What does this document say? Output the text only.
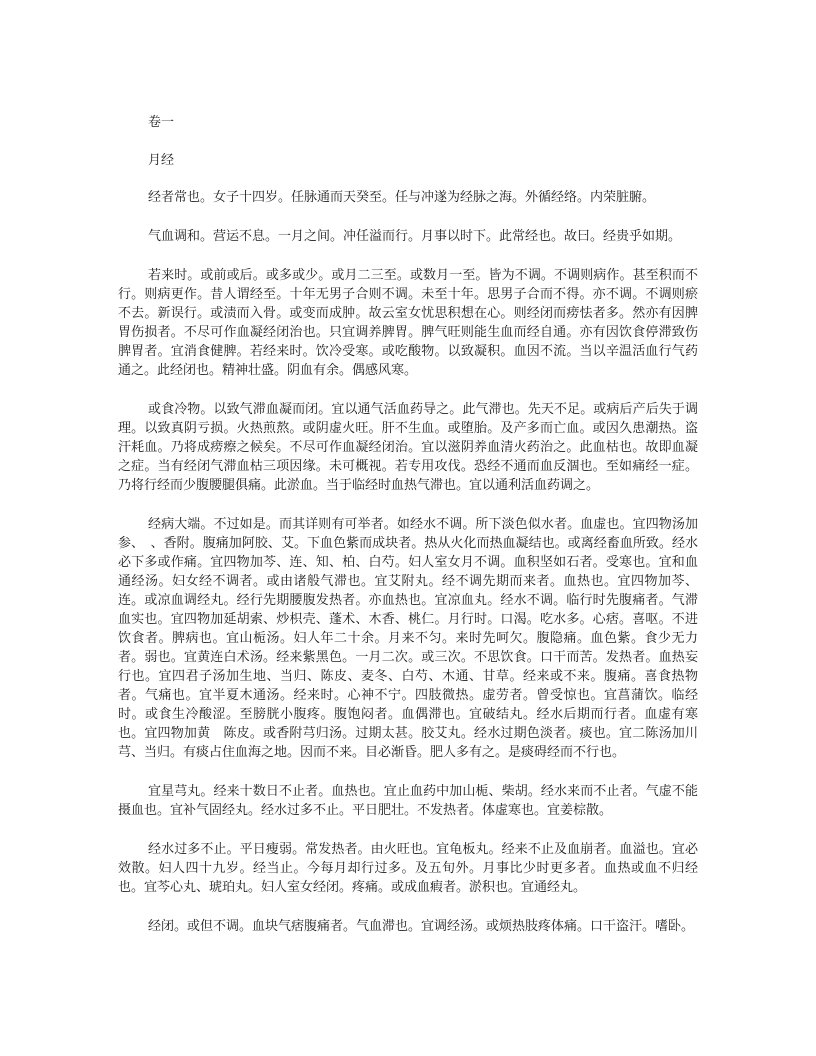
卷一

月经

经者常也。女子十四岁。任脉通而天癸至。任与冲遂为经脉之海。外循经络。内荣脏腑。

气血调和。营运不息。一月之间。冲任溢而行。月事以时下。此常经也。故曰。经贵乎如期。

若来时。或前或后。或多或少。或月二三至。或数月一至。皆为不调。不调则病作。甚至积而不行。则病更作。昔人谓经至。十年无男子合则不调。未至十年。思男子合而不得。亦不调。不调则瘀不去。新误行。或渍而入骨。或变而成肿。故云室女忧思积想在心。则经闭而痨怯者多。然亦有因脾胃伤损者。不尽可作血凝经闭治也。只宜调养脾胃。脾气旺则能生血而经自通。亦有因饮食停滞致伤脾胃者。宜消食健脾。若经来时。饮冷受寒。或吃酸物。以致凝积。血因不流。当以辛温活血行气药通之。此经闭也。精神壮盛。阴血有余。偶感风寒。

或食冷物。以致气滞血凝而闭。宜以通气活血药导之。此气滞也。先天不足。或病后产后失于调理。以致真阴亏损。火热煎熬。或阴虚火旺。肝不生血。或堕胎。及产多而亡血。或因久患潮热。盗汗耗血。乃将成痨瘵之候矣。不尽可作血凝经闭治。宜以滋阴养血清火药治之。此血枯也。故即血凝之症。当有经闭气滞血枯三项因缘。未可概视。若专用攻伐。恐经不通而血反涸也。至如痛经一症。乃将行经而少腹腰腿俱痛。此淤血。当于临经时血热气滞也。宜以通利活血药调之。

经病大端。不过如是。而其详则有可举者。如经水不调。所下淡色似水者。血虚也。宜四物汤加参、　、香附。腹痛加阿胶、艾。下血色紫而成块者。热从火化而热血凝结也。或离经畜血所致。经水必下多或作痛。宜四物加芩、连、知、柏、白芍。妇人室女月不调。血积坚如石者。受寒也。宜和血通经汤。妇女经不调者。或由诸般气滞也。宜艾附丸。经不调先期而来者。血热也。宜四物加芩、连。或凉血调经丸。经行先期腰腹发热者。亦血热也。宜凉血丸。经水不调。临行时先腹痛者。气滞血实也。宜四物加延胡索、炒枳壳、蓬术、木香、桃仁。月行时。口渴。吃水多。心痞。喜呕。不进饮食者。脾病也。宜山栀汤。妇人年二十余。月来不匀。来时先呵欠。腹隐痛。血色紫。食少无力者。弱也。宜黄连白术汤。经来紫黑色。一月二次。或三次。不思饮食。口干而苦。发热者。血热妄行也。宜四君子汤加生地、当归、陈皮、麦冬、白芍、木通、甘草。经来或不来。腹痛。喜食热物者。气痛也。宜半夏木通汤。经来时。心神不宁。四肢微热。虚劳者。曾受惊也。宜菖蒲饮。临经时。或食生冷酸涩。至膀胱小腹疼。腹饱闷者。血偶滞也。宜破结丸。经水后期而行者。血虚有寒也。宜四物加黄　陈皮。或香附芎归汤。过期太甚。胶艾丸。经水过期色淡者。痰也。宜二陈汤加川芎、当归。有痰占住血海之地。因而不来。目必渐昏。肥人多有之。是痰碍经而不行也。

宜星芎丸。经来十数日不止者。血热也。宜止血药中加山栀、柴胡。经水来而不止者。气虚不能摄血也。宜补气固经丸。经水过多不止。平日肥壮。不发热者。体虚寒也。宜姜棕散。

经水过多不止。平日瘦弱。常发热者。由火旺也。宜龟板丸。经来不止及血崩者。血溢也。宜必效散。妇人四十九岁。经当止。今每月却行过多。及五旬外。月事比少时更多者。血热或血不归经也。宜芩心丸、琥珀丸。妇人室女经闭。疼痛。或成血瘕者。淤积也。宜通经丸。

经闭。或但不调。血块气痞腹痛者。气血滞也。宜调经汤。或烦热肢疼体痛。口干盗汗。嗜卧。
